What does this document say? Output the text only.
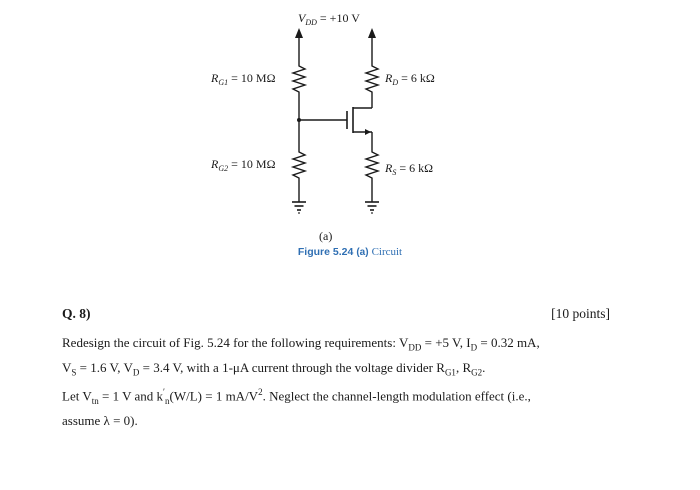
$V_{DD} = +10$ V
$R_{G1} = 10$ MΩ
$R_{G2} = 10$ MΩ
$R_D = 6$ kΩ
$R_S = 6$ kΩ
(a)
Figure 5.24 (a) Circuit
Q. 8)	[10 points]
Redesign the circuit of Fig. 5.24 for the following requirements: $V_{DD} = +5$ V, $I_D = 0.32$ mA,
$V_S = 1.6$ V, $V_D = 3.4$ V, with a 1-μA current through the voltage divider $R_{G1}$, $R_{G2}$.
Let $V_{tn} = 1$ V and $k'_n(W/L) = 1$ $mA/V^2$. Neglect the channel-length modulation effect (i.e.,
assume λ = 0).
